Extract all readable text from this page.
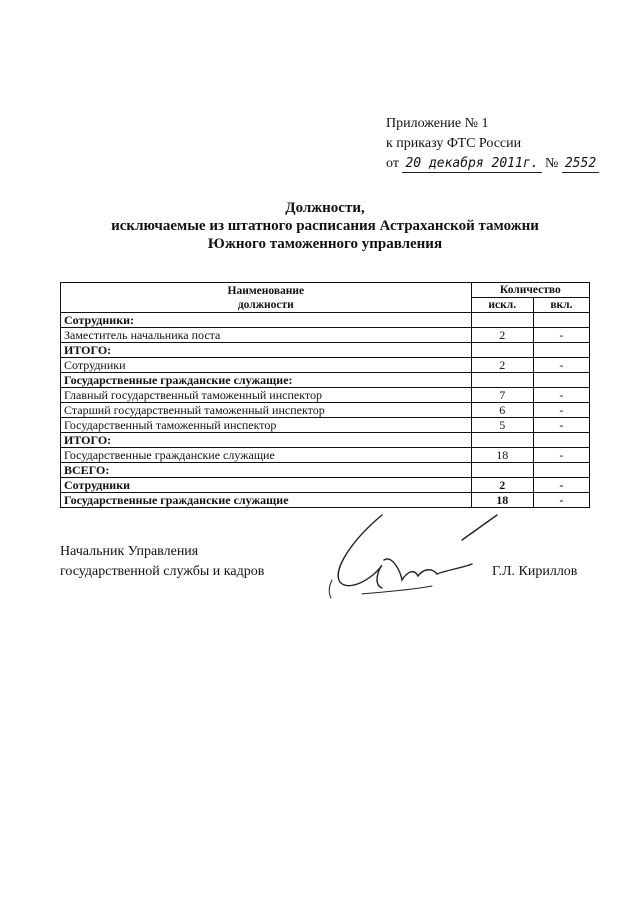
Приложение № 1
к приказу ФТС России
от 20 декабря 2011г. № 2552
Должности,
исключаемые из штатного расписания Астраханской таможни
Южного таможенного управления
Наименование
должности	Количество	
	искл.	вкл.
Сотрудники:		
Заместитель начальника поста	2	-
ИТОГО:		
Сотрудники	2	-
Государственные гражданские служащие:		
Главный государственный таможенный инспектор	7	-
Старший государственный таможенный инспектор	6	-
Государственный таможенный инспектор	5	-
ИТОГО:		
Государственные гражданские служащие	18	-
ВСЕГО:		
Сотрудники	2	-
Государственные гражданские служащие	18	-
Начальник Управления
государственной службы и кадров	Г.Л. Кириллов
